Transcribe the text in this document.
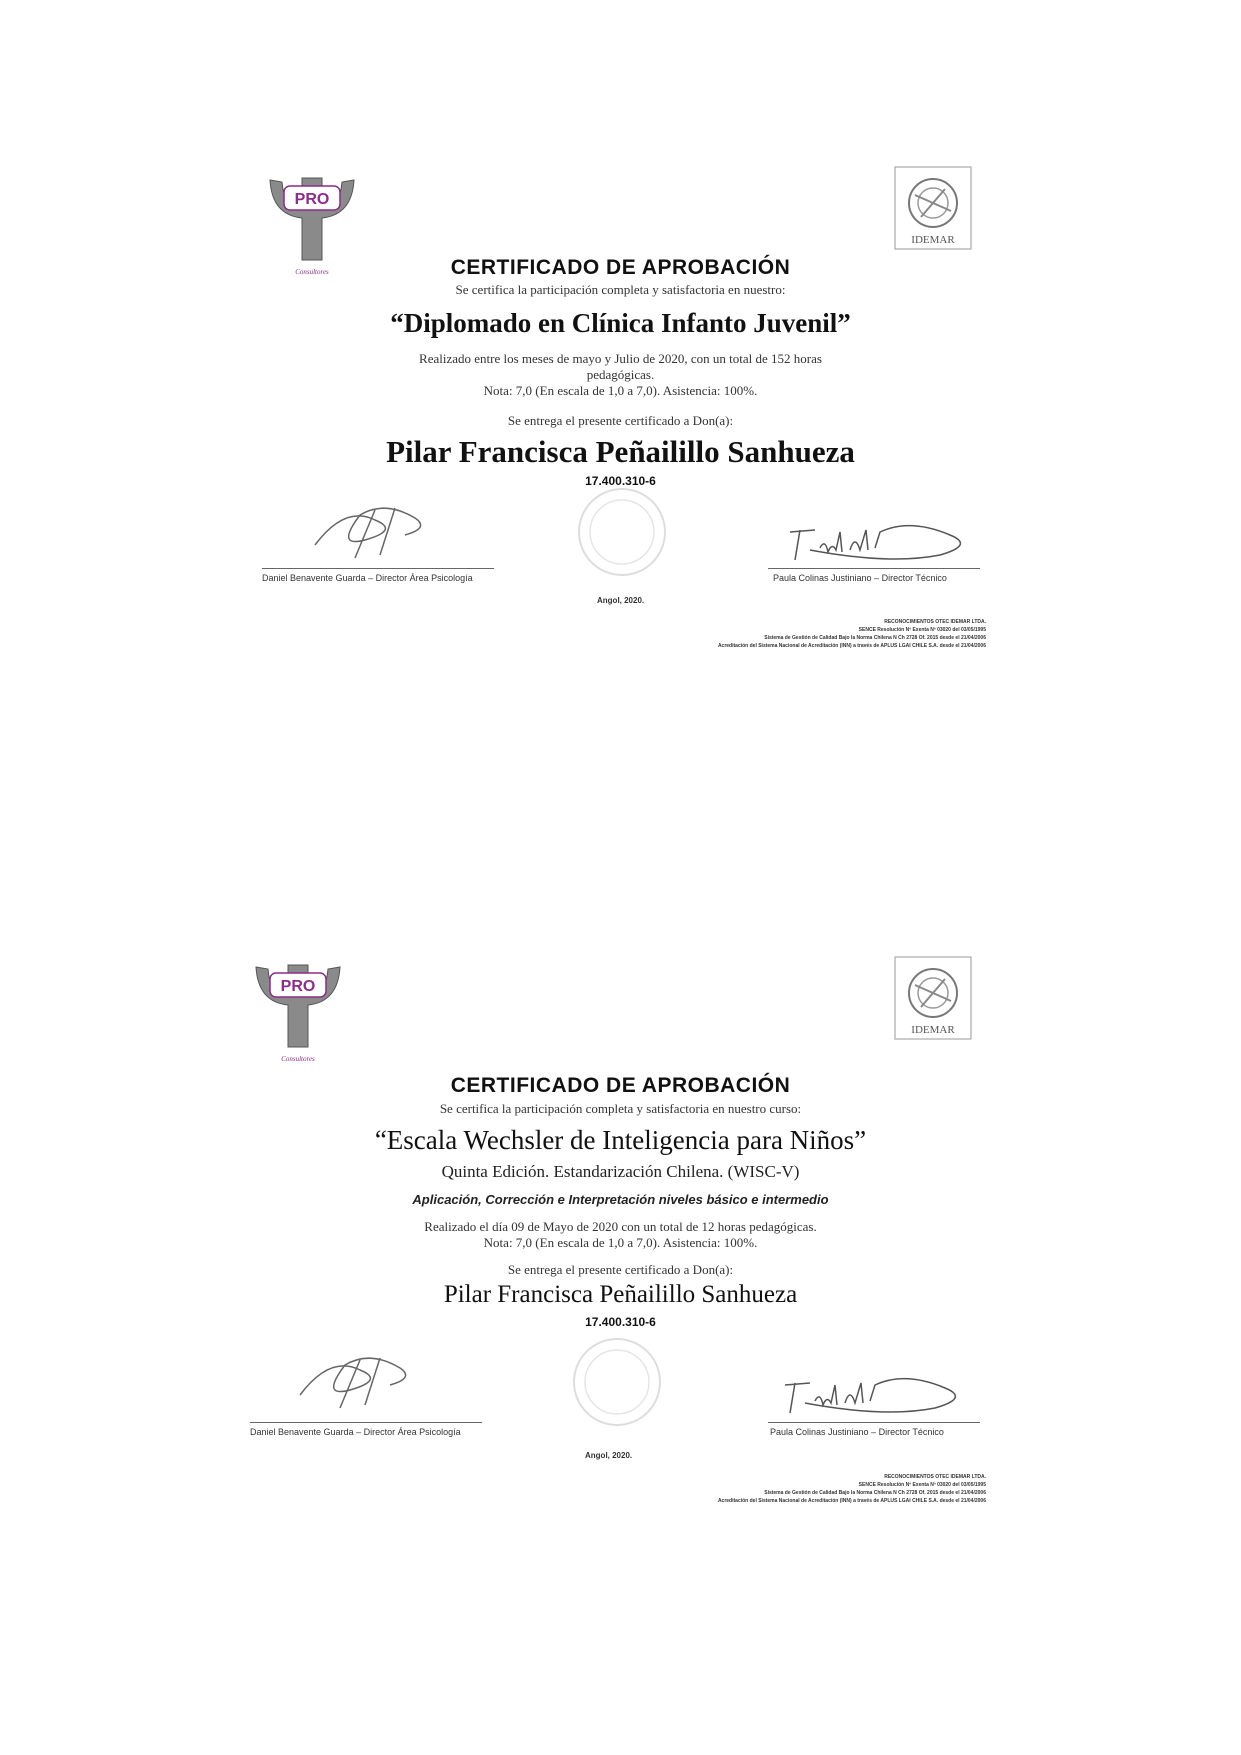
PRO
Consultores
IDEMAR
CERTIFICADO DE APROBACIÓN
Se certifica la participación completa y satisfactoria en nuestro:
“Diplomado en Clínica Infanto Juvenil”
Realizado entre los meses de mayo y Julio de 2020, con un total de 152 horas
pedagógicas.
Nota: 7,0 (En escala de 1,0 a 7,0). Asistencia: 100%.
Se entrega el presente certificado a Don(a):
Pilar Francisca Peñailillo Sanhueza
17.400.310-6
Daniel Benavente Guarda – Director Área Psicología	Paula Colinas Justiniano – Director Técnico
Angol, 2020.
RECONOCIMIENTOS OTEC IDEMAR LTDA.
SENCE Resolución Nº Exenta Nº 03020 del 03/05/1995
Sistema de Gestión de Calidad Bajo la Norma Chilena N Ch 2728 Of. 2015 desde el 21/04/2006
Acreditación del Sistema Nacional de Acreditación (INN) a través de APLUS LGAI CHILE S.A. desde el 21/04/2006
PRO
Consultores
IDEMAR
CERTIFICADO DE APROBACIÓN
Se certifica la participación completa y satisfactoria en nuestro curso:
“Escala Wechsler de Inteligencia para Niños”
Quinta Edición. Estandarización Chilena. (WISC-V)
Aplicación, Corrección e Interpretación niveles básico e intermedio
Realizado el día 09 de Mayo de 2020 con un total de 12 horas pedagógicas.
Nota: 7,0 (En escala de 1,0 a 7,0). Asistencia: 100%.
Se entrega el presente certificado a Don(a):
Pilar Francisca Peñailillo Sanhueza
17.400.310-6
Daniel Benavente Guarda – Director Área Psicología	Paula Colinas Justiniano – Director Técnico
Angol, 2020.
RECONOCIMIENTOS OTEC IDEMAR LTDA.
SENCE Resolución Nº Exenta Nº 03020 del 03/05/1995
Sistema de Gestión de Calidad Bajo la Norma Chilena N Ch 2728 Of. 2015 desde el 21/04/2006
Acreditación del Sistema Nacional de Acreditación (INN) a través de APLUS LGAI CHILE S.A. desde el 21/04/2006
